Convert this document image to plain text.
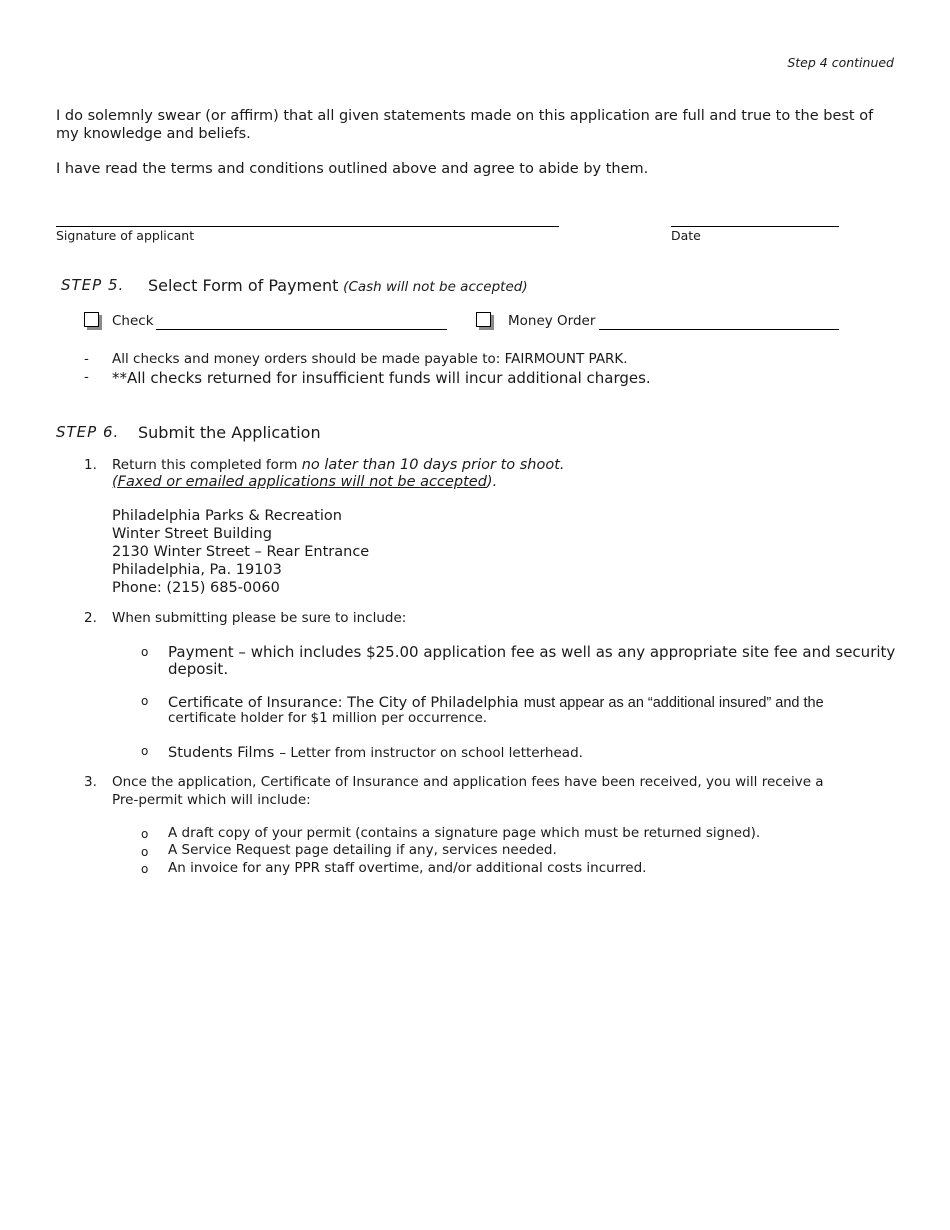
Step 4 continued
I do solemnly swear (or affirm) that all given statements made on this application are full and true to the best of
my knowledge and beliefs.
I have read the terms and conditions outlined above and agree to abide by them.
Signature of applicant	Date
STEP 5. Select Form of Payment (Cash will not be accepted)
Check	Money Order
- All checks and money orders should be made payable to: FAIRMOUNT PARK.
- **All checks returned for insufficient funds will incur additional charges.
STEP 6. Submit the Application
1. Return this completed form no later than 10 days prior to shoot.
(Faxed or emailed applications will not be accepted).
Philadelphia Parks & Recreation
Winter Street Building
2130 Winter Street – Rear Entrance
Philadelphia, Pa. 19103
Phone: (215) 685-0060
2. When submitting please be sure to include:
o Payment – which includes $25.00 application fee as well as any appropriate site fee and security
deposit.
o Certificate of Insurance: The City of Philadelphia must appear as an “additional insured” and the
certificate holder for $1 million per occurrence.
o Students Films – Letter from instructor on school letterhead.
3. Once the application, Certificate of Insurance and application fees have been received, you will receive a
Pre-permit which will include:
o A draft copy of your permit (contains a signature page which must be returned signed).
o A Service Request page detailing if any, services needed.
o An invoice for any PPR staff overtime, and/or additional costs incurred.
